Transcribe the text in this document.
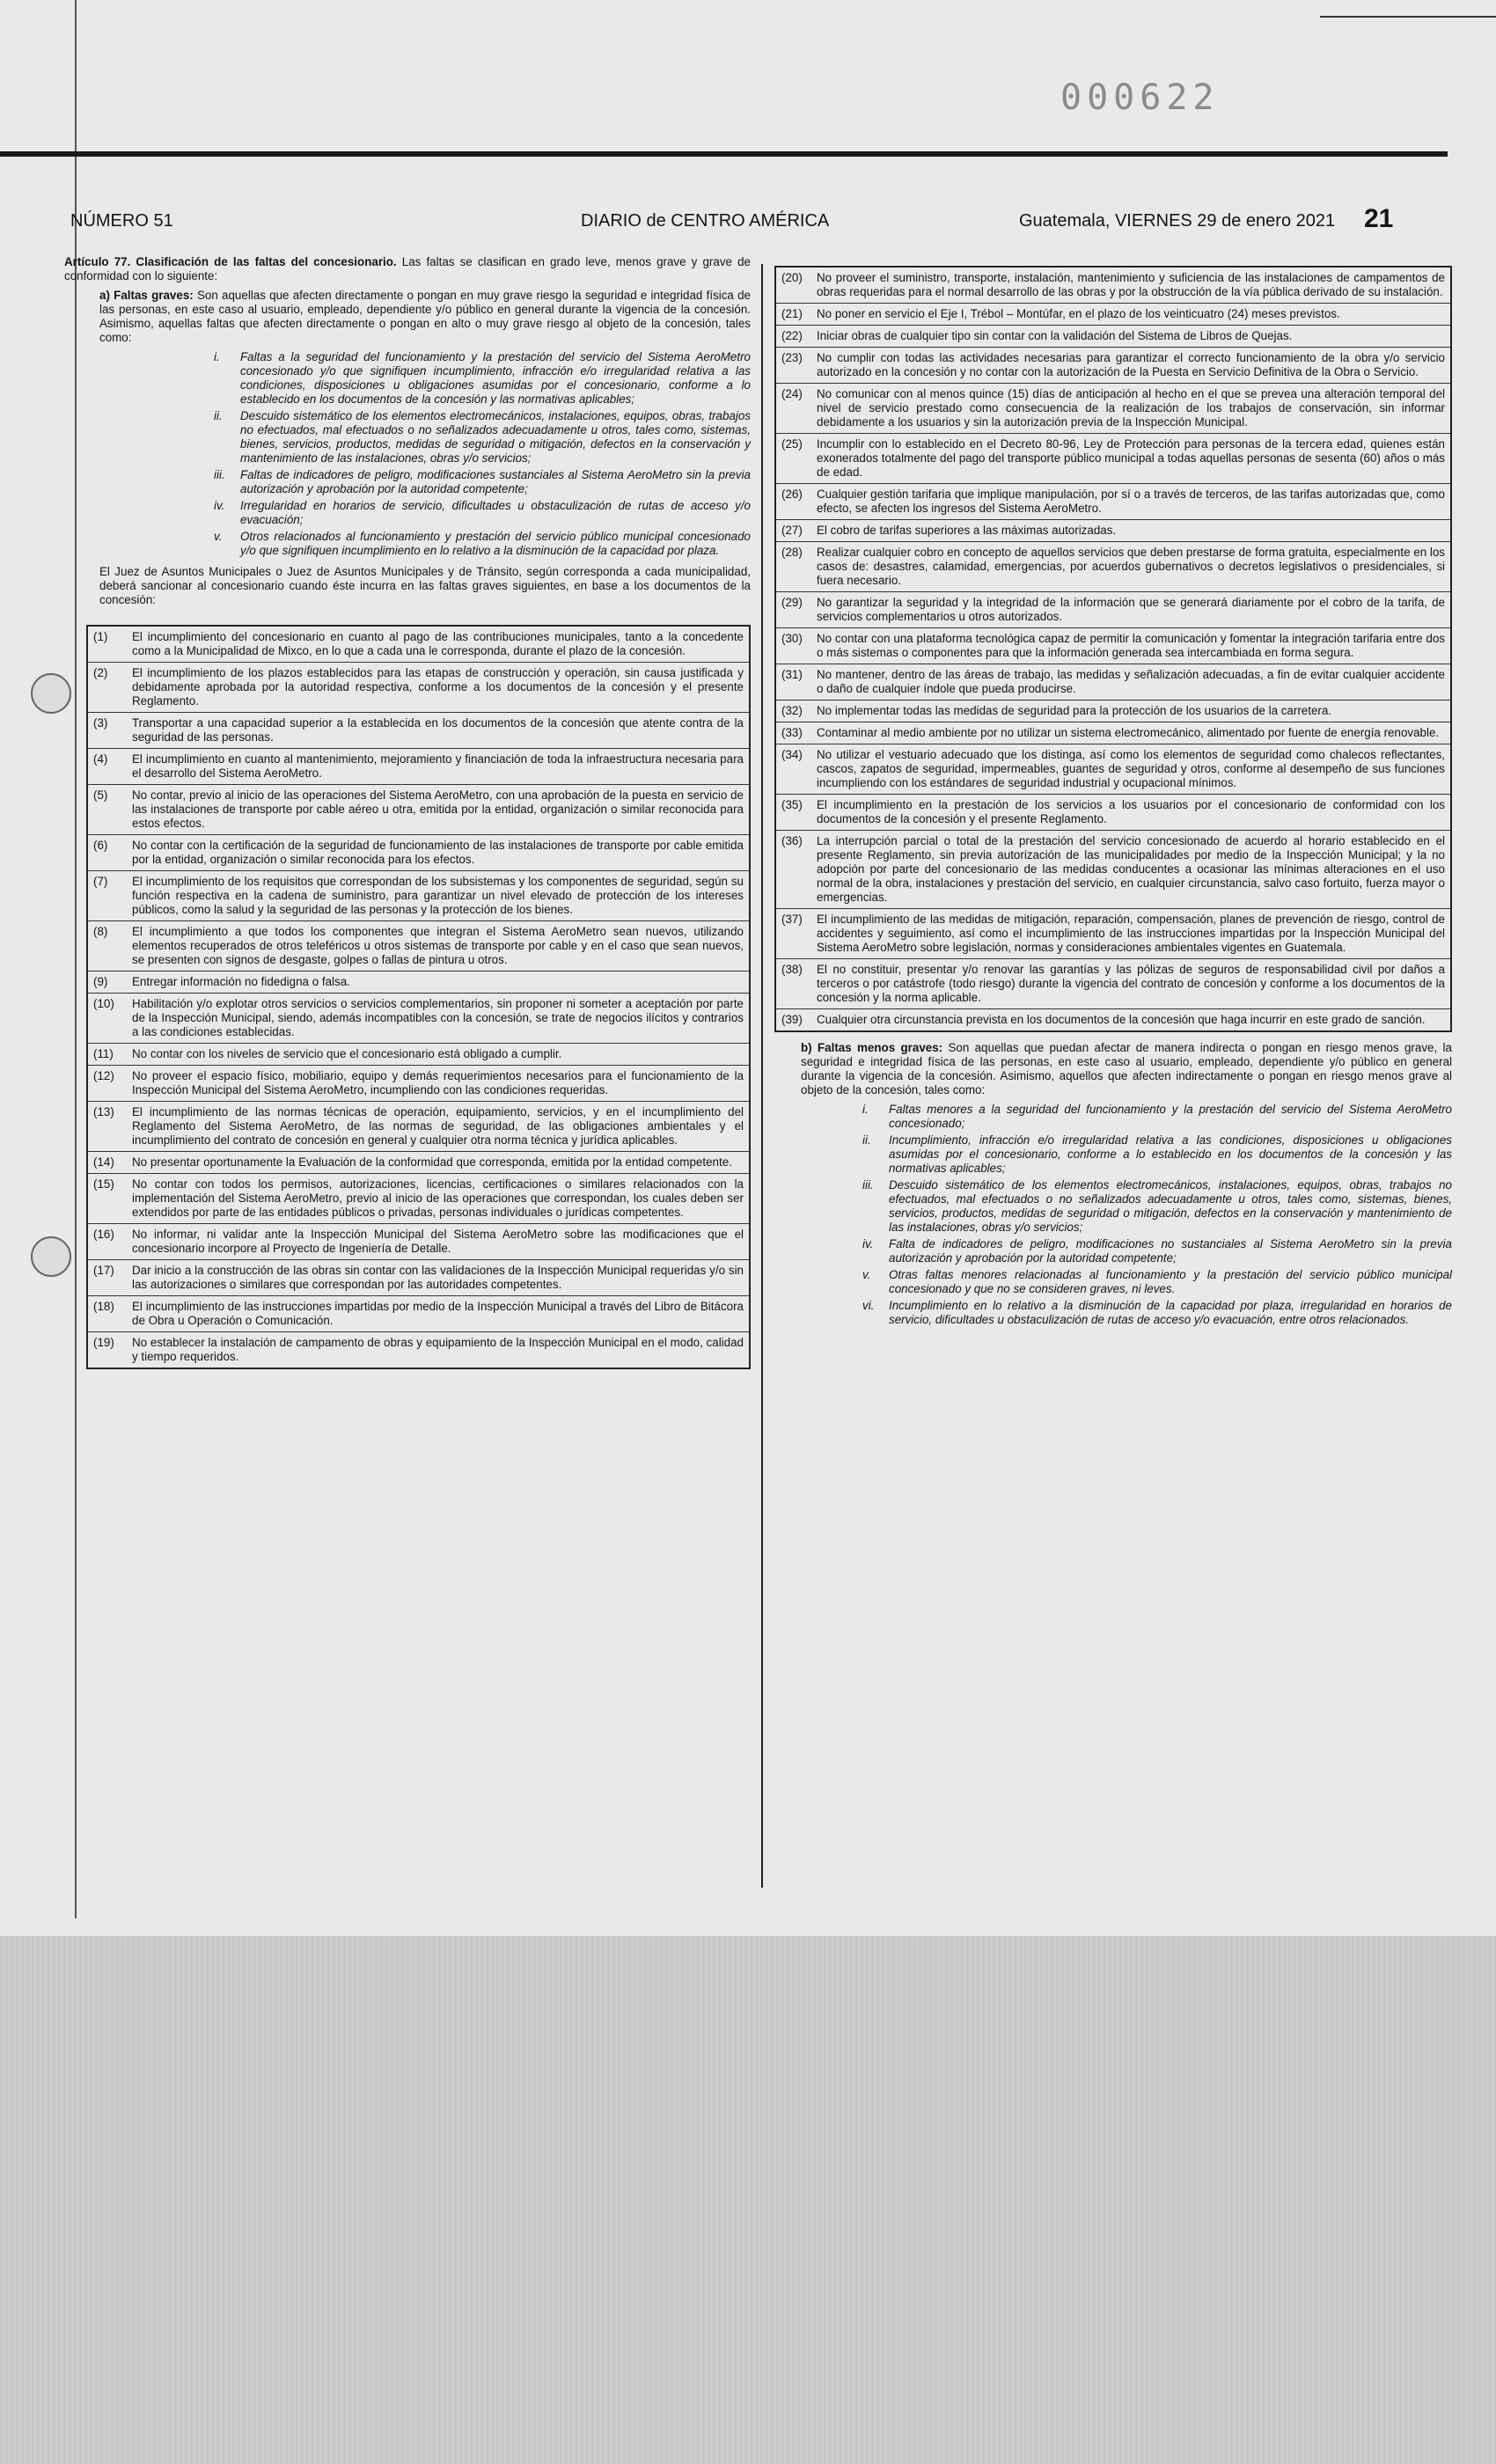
000622
NÚMERO 51	DIARIO de CENTRO AMÉRICA	Guatemala, VIERNES 29 de enero 2021 21

Artículo 77. Clasificación de las faltas del concesionario. Las faltas se clasifican en grado leve, menos grave y grave de conformidad con lo siguiente:

a) Faltas graves: Son aquellas que afecten directamente o pongan en muy grave riesgo la seguridad e integridad física de las personas, en este caso al usuario, empleado, dependiente y/o público en general durante la vigencia de la concesión. Asimismo, aquellas faltas que afecten directamente o pongan en alto o muy grave riesgo al objeto de la concesión, tales como:

i.	Faltas a la seguridad del funcionamiento y la prestación del servicio del Sistema AeroMetro concesionado y/o que signifiquen incumplimiento, infracción e/o irregularidad relativa a las condiciones, disposiciones u obligaciones asumidas por el concesionario, conforme a lo establecido en los documentos de la concesión y las normativas aplicables;
ii.	Descuido sistemático de los elementos electromecánicos, instalaciones, equipos, obras, trabajos no efectuados, mal efectuados o no señalizados adecuadamente u otros, tales como, sistemas, bienes, servicios, productos, medidas de seguridad o mitigación, defectos en la conservación y mantenimiento de las instalaciones, obras y/o servicios;
iii.	Faltas de indicadores de peligro, modificaciones sustanciales al Sistema AeroMetro sin la previa autorización y aprobación por la autoridad competente;
iv.	Irregularidad en horarios de servicio, dificultades u obstaculización de rutas de acceso y/o evacuación;
v.	Otros relacionados al funcionamiento y prestación del servicio público municipal concesionado y/o que signifiquen incumplimiento en lo relativo a la disminución de la capacidad por plaza.

El Juez de Asuntos Municipales o Juez de Asuntos Municipales y de Tránsito, según corresponda a cada municipalidad, deberá sancionar al concesionario cuando éste incurra en las faltas graves siguientes, en base a los documentos de la concesión:

(1)	El incumplimiento del concesionario en cuanto al pago de las contribuciones municipales, tanto a la concedente como a la Municipalidad de Mixco, en lo que a cada una le corresponda, durante el plazo de la concesión.
(2)	El incumplimiento de los plazos establecidos para las etapas de construcción y operación, sin causa justificada y debidamente aprobada por la autoridad respectiva, conforme a los documentos de la concesión y el presente Reglamento.
(3)	Transportar a una capacidad superior a la establecida en los documentos de la concesión que atente contra de la seguridad de las personas.
(4)	El incumplimiento en cuanto al mantenimiento, mejoramiento y financiación de toda la infraestructura necesaria para el desarrollo del Sistema AeroMetro.
(5)	No contar, previo al inicio de las operaciones del Sistema AeroMetro, con una aprobación de la puesta en servicio de las instalaciones de transporte por cable aéreo u otra, emitida por la entidad, organización o similar reconocida para estos efectos.
(6)	No contar con la certificación de la seguridad de funcionamiento de las instalaciones de transporte por cable emitida por la entidad, organización o similar reconocida para los efectos.
(7)	El incumplimiento de los requisitos que correspondan de los subsistemas y los componentes de seguridad, según su función respectiva en la cadena de suministro, para garantizar un nivel elevado de protección de los intereses públicos, como la salud y la seguridad de las personas y la protección de los bienes.
(8)	El incumplimiento a que todos los componentes que integran el Sistema AeroMetro sean nuevos, utilizando elementos recuperados de otros teleféricos u otros sistemas de transporte por cable y en el caso que sean nuevos, se presenten con signos de desgaste, golpes o fallas de pintura u otros.
(9)	Entregar información no fidedigna o falsa.
(10)	Habilitación y/o explotar otros servicios o servicios complementarios, sin proponer ni someter a aceptación por parte de la Inspección Municipal, siendo, además incompatibles con la concesión, se trate de negocios ilícitos y contrarios a las condiciones establecidas.
(11)	No contar con los niveles de servicio que el concesionario está obligado a cumplir.
(12)	No proveer el espacio físico, mobiliario, equipo y demás requerimientos necesarios para el funcionamiento de la Inspección Municipal del Sistema AeroMetro, incumpliendo con las condiciones requeridas.
(13)	El incumplimiento de las normas técnicas de operación, equipamiento, servicios, y en el incumplimiento del Reglamento del Sistema AeroMetro, de las normas de seguridad, de las obligaciones ambientales y el incumplimiento del contrato de concesión en general y cualquier otra norma técnica y jurídica aplicables.
(14)	No presentar oportunamente la Evaluación de la conformidad que corresponda, emitida por la entidad competente.
(15)	No contar con todos los permisos, autorizaciones, licencias, certificaciones o similares relacionados con la implementación del Sistema AeroMetro, previo al inicio de las operaciones que correspondan, los cuales deben ser extendidos por parte de las entidades públicos o privadas, personas individuales o jurídicas competentes.
(16)	No informar, ni validar ante la Inspección Municipal del Sistema AeroMetro sobre las modificaciones que el concesionario incorpore al Proyecto de Ingeniería de Detalle.
(17)	Dar inicio a la construcción de las obras sin contar con las validaciones de la Inspección Municipal requeridas y/o sin las autorizaciones o similares que correspondan por las autoridades competentes.
(18)	El incumplimiento de las instrucciones impartidas por medio de la Inspección Municipal a través del Libro de Bitácora de Obra u Operación o Comunicación.
(19)	No establecer la instalación de campamento de obras y equipamiento de la Inspección Municipal en el modo, calidad y tiempo requeridos.
(20)	No proveer el suministro, transporte, instalación, mantenimiento y suficiencia de las instalaciones de campamentos de obras requeridas para el normal desarrollo de las obras y por la obstrucción de la vía pública derivado de su instalación.
(21)	No poner en servicio el Eje I, Trébol – Montúfar, en el plazo de los veinticuatro (24) meses previstos.
(22)	Iniciar obras de cualquier tipo sin contar con la validación del Sistema de Libros de Quejas.
(23)	No cumplir con todas las actividades necesarias para garantizar el correcto funcionamiento de la obra y/o servicio autorizado en la concesión y no contar con la autorización de la Puesta en Servicio Definitiva de la Obra o Servicio.
(24)	No comunicar con al menos quince (15) días de anticipación al hecho en el que se prevea una alteración temporal del nivel de servicio prestado como consecuencia de la realización de los trabajos de conservación, sin informar debidamente a los usuarios y sin la autorización previa de la Inspección Municipal.
(25)	Incumplir con lo establecido en el Decreto 80-96, Ley de Protección para personas de la tercera edad, quienes están exonerados totalmente del pago del transporte público municipal a todas aquellas personas de sesenta (60) años o más de edad.
(26)	Cualquier gestión tarifaria que implique manipulación, por sí o a través de terceros, de las tarifas autorizadas que, como efecto, se afecten los ingresos del Sistema AeroMetro.
(27)	El cobro de tarifas superiores a las máximas autorizadas.
(28)	Realizar cualquier cobro en concepto de aquellos servicios que deben prestarse de forma gratuita, especialmente en los casos de: desastres, calamidad, emergencias, por acuerdos gubernativos o decretos legislativos o presidenciales, si fuera necesario.
(29)	No garantizar la seguridad y la integridad de la información que se generará diariamente por el cobro de la tarifa, de servicios complementarios u otros autorizados.
(30)	No contar con una plataforma tecnológica capaz de permitir la comunicación y fomentar la integración tarifaria entre dos o más sistemas o componentes para que la información generada sea intercambiada en forma segura.
(31)	No mantener, dentro de las áreas de trabajo, las medidas y señalización adecuadas, a fin de evitar cualquier accidente o daño de cualquier índole que pueda producirse.
(32)	No implementar todas las medidas de seguridad para la protección de los usuarios de la carretera.
(33)	Contaminar al medio ambiente por no utilizar un sistema electromecánico, alimentado por fuente de energía renovable.
(34)	No utilizar el vestuario adecuado que los distinga, así como los elementos de seguridad como chalecos reflectantes, cascos, zapatos de seguridad, impermeables, guantes de seguridad y otros, conforme al desempeño de sus funciones incumpliendo con los estándares de seguridad industrial y ocupacional mínimos.
(35)	El incumplimiento en la prestación de los servicios a los usuarios por el concesionario de conformidad con los documentos de la concesión y el presente Reglamento.
(36)	La interrupción parcial o total de la prestación del servicio concesionado de acuerdo al horario establecido en el presente Reglamento, sin previa autorización de las municipalidades por medio de la Inspección Municipal; y la no adopción por parte del concesionario de las medidas conducentes a ocasionar las mínimas alteraciones en el uso normal de la obra, instalaciones y prestación del servicio, en cualquier circunstancia, salvo caso fortuito, fuerza mayor o emergencias.
(37)	El incumplimiento de las medidas de mitigación, reparación, compensación, planes de prevención de riesgo, control de accidentes y seguimiento, así como el incumplimiento de las instrucciones impartidas por la Inspección Municipal del Sistema AeroMetro sobre legislación, normas y consideraciones ambientales vigentes en Guatemala.
(38)	El no constituir, presentar y/o renovar las garantías y las pólizas de seguros de responsabilidad civil por daños a terceros o por catástrofe (todo riesgo) durante la vigencia del contrato de concesión y conforme a los documentos de la concesión y la norma aplicable.
(39)	Cualquier otra circunstancia prevista en los documentos de la concesión que haga incurrir en este grado de sanción.

b) Faltas menos graves: Son aquellas que puedan afectar de manera indirecta o pongan en riesgo menos grave, la seguridad e integridad física de las personas, en este caso al usuario, empleado, dependiente y/o público en general durante la vigencia de la concesión. Asimismo, aquellos que afecten indirectamente o pongan en riesgo menos grave al objeto de la concesión, tales como:

i.	Faltas menores a la seguridad del funcionamiento y la prestación del servicio del Sistema AeroMetro concesionado;
ii.	Incumplimiento, infracción e/o irregularidad relativa a las condiciones, disposiciones u obligaciones asumidas por el concesionario, conforme a lo establecido en los documentos de la concesión y las normativas aplicables;
iii.	Descuido sistemático de los elementos electromecánicos, instalaciones, equipos, obras, trabajos no efectuados, mal efectuados o no señalizados adecuadamente u otros, tales como, sistemas, bienes, servicios, productos, medidas de seguridad o mitigación, defectos en la conservación y mantenimiento de las instalaciones, obras y/o servicios;
iv.	Falta de indicadores de peligro, modificaciones no sustanciales al Sistema AeroMetro sin la previa autorización y aprobación por la autoridad competente;
v.	Otras faltas menores relacionadas al funcionamiento y la prestación del servicio público municipal concesionado y que no se consideren graves, ni leves.
vi.	Incumplimiento en lo relativo a la disminución de la capacidad por plaza, irregularidad en horarios de servicio, dificultades u obstaculización de rutas de acceso y/o evacuación, entre otros relacionados.
